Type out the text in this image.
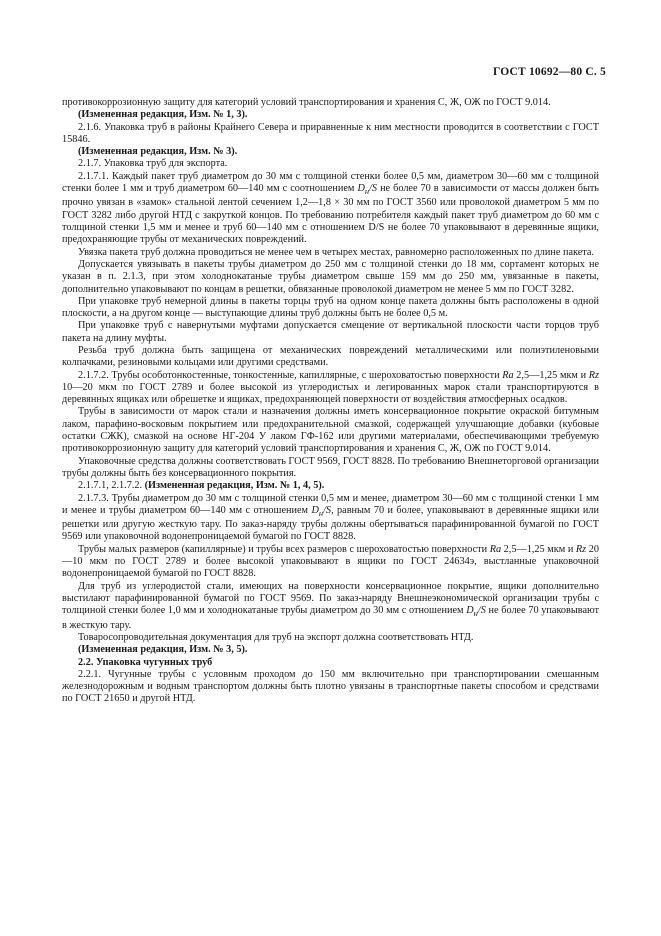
ГОСТ 10692—80 С. 5

противокоррозионную защиту для категорий условий транспортирования и хранения С, Ж, ОЖ по ГОСТ 9.014.

(Измененная редакция, Изм. № 1, 3).

2.1.6. Упаковка труб в районы Крайнего Севера и приравненные к ним местности проводится в соответствии с ГОСТ 15846.

(Измененная редакция, Изм. № 3).

2.1.7. Упаковка труб для экспорта.

2.1.7.1. Каждый пакет труб диаметром до 30 мм с толщиной стенки более 0,5 мм, диаметром 30—60 мм с толщиной стенки более 1 мм и труб диаметром 60—140 мм с соотношением $D_н/S$ не более 70 в зависимости от массы должен быть прочно увязан в «замок» стальной лентой сечением 1,2—1,8 × 30 мм по ГОСТ 3560 или проволокой диаметром 5 мм по ГОСТ 3282 либо другой НТД с закруткой концов. По требованию потребителя каждый пакет труб диаметром до 60 мм с толщиной стенки 1,5 мм и менее и труб 60—140 мм с отношением D/S не более 70 упаковывают в деревянные ящики, предохраняющие трубы от механических повреждений.

Увязка пакета труб должна проводиться не менее чем в четырех местах, равномерно расположенных по длине пакета.

Допускается увязывать в пакеты трубы диаметром до 250 мм с толщиной стенки до 18 мм, сортамент которых не указан в п. 2.1.3, при этом холоднокатаные трубы диаметром свыше 159 мм до 250 мм, увязанные в пакеты, дополнительно упаковывают по концам в решетки, обвязанные проволокой диаметром не менее 5 мм по ГОСТ 3282.

При упаковке труб немерной длины в пакеты торцы труб на одном конце пакета должны быть расположены в одной плоскости, а на другом конце — выступающие длины труб должны быть не более 0,5 м.

При упаковке труб с навернутыми муфтами допускается смещение от вертикальной плоскости части торцов труб пакета на длину муфты.

Резьба труб должна быть защищена от механических повреждений металлическими или полиэтиленовыми колпачками, резиновыми кольцами или другими средствами.

2.1.7.2. Трубы особотонкостенные, тонкостенные, капиллярные, с шероховатостью поверхности Ra 2,5—1,25 мкм и Rz 10—20 мкм по ГОСТ 2789 и более высокой из углеродистых и легированных марок стали транспортируются в деревянных ящиках или обрешетке и ящиках, предохраняющей поверхности от воздействия атмосферных осадков.

Трубы в зависимости от марок стали и назначения должны иметь консервационное покрытие окраской битумным лаком, парафино-восковым покрытием или предохранительной смазкой, содержащей улучшающие добавки (кубовые остатки СЖК), смазкой на основе НГ-204 У лаком ГФ-162 или другими материалами, обеспечивающими требуемую противокоррозионную защиту для категорий условий транспортирования и хранения С, Ж, ОЖ по ГОСТ 9.014.

Упаковочные средства должны соответствовать ГОСТ 9569, ГОСТ 8828. По требованию Внешнеторговой организации трубы должны быть без консервационного покрытия.

2.1.7.1, 2.1.7.2. (Измененная редакция, Изм. № 1, 4, 5).

2.1.7.3. Трубы диаметром до 30 мм с толщиной стенки 0,5 мм и менее, диаметром 30—60 мм с толщиной стенки 1 мм и менее и трубы диаметром 60—140 мм с отношением $D_н/S$, равным 70 и более, упаковывают в деревянные ящики или решетки или другую жесткую тару. По заказ-наряду трубы должны обертываться парафинированной бумагой по ГОСТ 9569 или упаковочной водонепроницаемой бумагой по ГОСТ 8828.

Трубы малых размеров (капиллярные) и трубы всех размеров с шероховатостью поверхности Ra 2,5—1,25 мкм и Rz 20—10 мкм по ГОСТ 2789 и более высокой упаковывают в ящики по ГОСТ 24634э, выстланные упаковочной водонепроницаемой бумагой по ГОСТ 8828.

Для труб из углеродистой стали, имеющих на поверхности консервационное покрытие, ящики дополнительно выстилают парафинированной бумагой по ГОСТ 9569. По заказ-наряду Внешнеэкономической организации трубы с толщиной стенки более 1,0 мм и холоднокатаные трубы диаметром до 30 мм с отношением $D_н/S$ не более 70 упаковывают в жесткую тару.

Товаросопроводительная документация для труб на экспорт должна соответствовать НТД.

(Измененная редакция, Изм. № 3, 5).

2.2. Упаковка чугунных труб

2.2.1. Чугунные трубы с условным проходом до 150 мм включительно при транспортировании смешанным железнодорожным и водным транспортом должны быть плотно увязаны в транспортные пакеты способом и средствами по ГОСТ 21650 и другой НТД.
